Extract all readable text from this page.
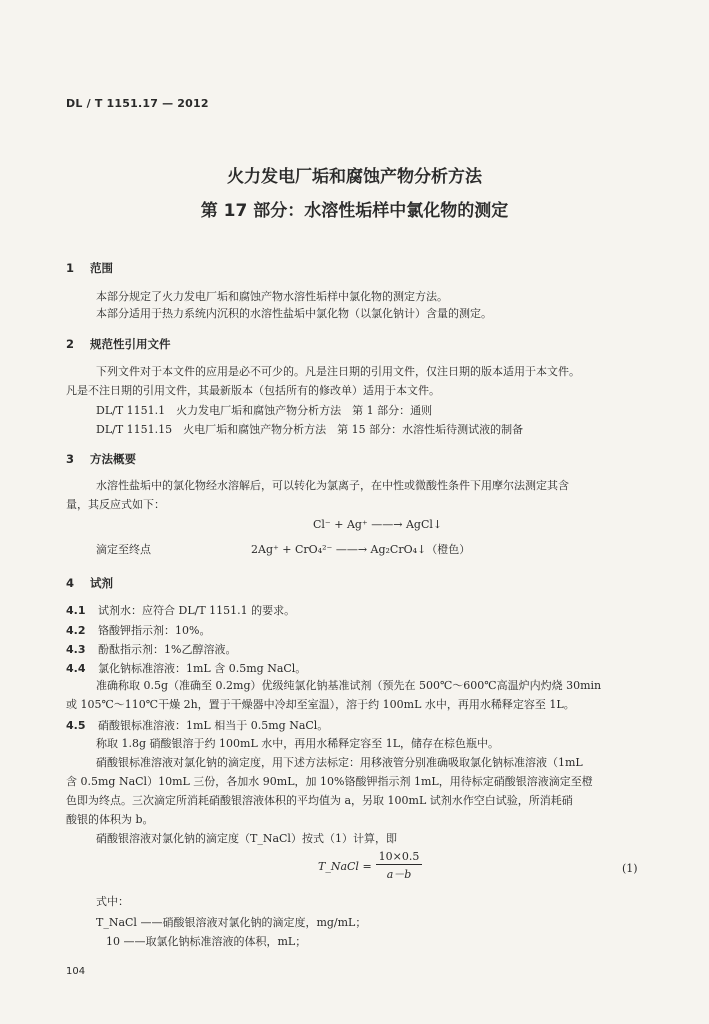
DL / T 1151.17 — 2012
火力发电厂垢和腐蚀产物分析方法
第 17 部分：水溶性垢样中氯化物的测定
1 范围
本部分规定了火力发电厂垢和腐蚀产物水溶性垢样中氯化物的测定方法。
本部分适用于热力系统内沉积的水溶性盐垢中氯化物（以氯化钠计）含量的测定。
2 规范性引用文件
下列文件对于本文件的应用是必不可少的。凡是注日期的引用文件，仅注日期的版本适用于本文件。
凡是不注日期的引用文件，其最新版本（包括所有的修改单）适用于本文件。
DL/T 1151.1　火力发电厂垢和腐蚀产物分析方法　第 1 部分：通则
DL/T 1151.15　火电厂垢和腐蚀产物分析方法　第 15 部分：水溶性垢待测试液的制备
3 方法概要
水溶性盐垢中的氯化物经水溶解后，可以转化为氯离子，在中性或微酸性条件下用摩尔法测定其含
量，其反应式如下：
Cl⁻ + Ag⁺ ——→ AgCl↓
滴定至终点	2Ag⁺ + CrO₄²⁻ ——→ Ag₂CrO₄↓（橙色）
4 试剂
4.1 试剂水：应符合 DL/T 1151.1 的要求。
4.2 铬酸钾指示剂：10%。
4.3 酚酞指示剂：1%乙醇溶液。
4.4 氯化钠标准溶液：1mL 含 0.5mg NaCl。
准确称取 0.5g（准确至 0.2mg）优级纯氯化钠基准试剂（预先在 500℃～600℃高温炉内灼烧 30min
或 105℃～110℃干燥 2h，置于干燥器中冷却至室温），溶于约 100mL 水中，再用水稀释定容至 1L。
4.5 硝酸银标准溶液：1mL 相当于 0.5mg NaCl。
称取 1.8g 硝酸银溶于约 100mL 水中，再用水稀释定容至 1L，储存在棕色瓶中。
硝酸银标准溶液对氯化钠的滴定度，用下述方法标定：用移液管分别准确吸取氯化钠标准溶液（1mL
含 0.5mg NaCl）10mL 三份，各加水 90mL，加 10%铬酸钾指示剂 1mL，用待标定硝酸银溶液滴定至橙
色即为终点。三次滴定所消耗硝酸银溶液体积的平均值为 a，另取 100mL 试剂水作空白试验，所消耗硝
酸银的体积为 b。
硝酸银溶液对氯化钠的滴定度（T_NaCl）按式（1）计算，即
T_NaCl = $\frac{10\times 0.5}{a-b}$	(1)
式中：
T_NaCl ——硝酸银溶液对氯化钠的滴定度，mg/mL；
10 ——取氯化钠标准溶液的体积，mL；
104
